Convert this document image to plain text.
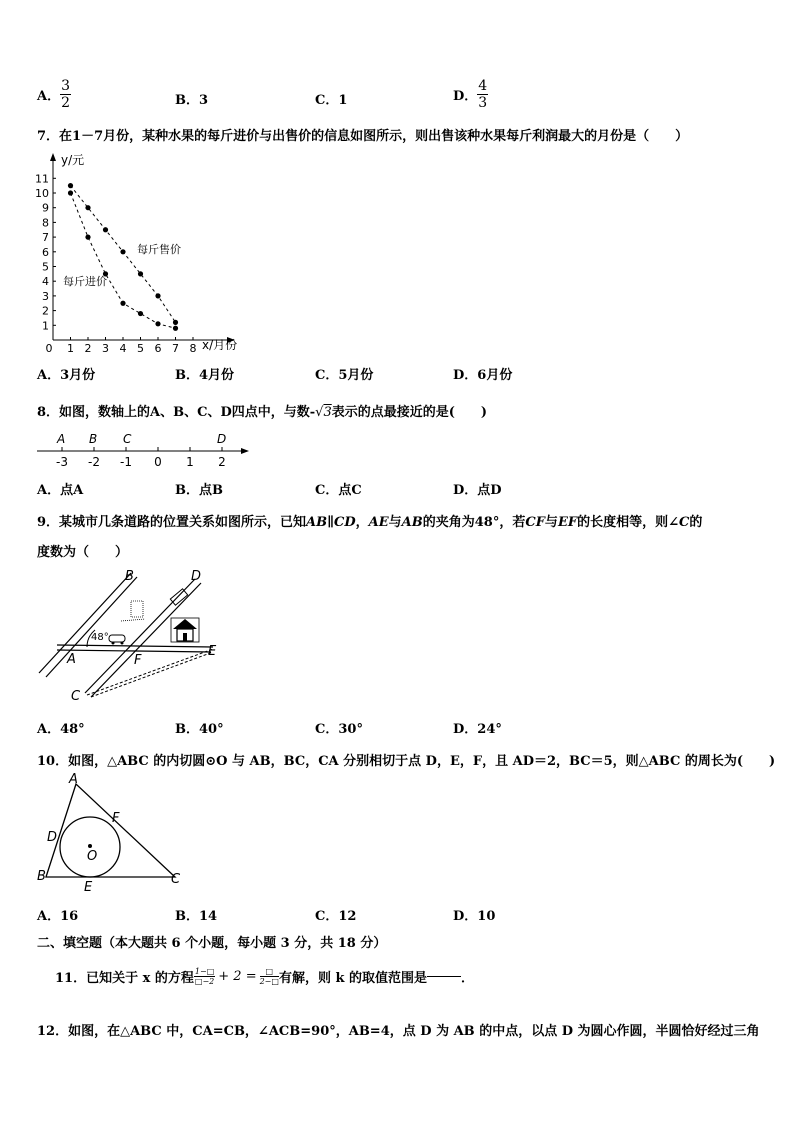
A． $\frac{3}{2}$	B．3	C．1	D． $\frac{4}{3}$
7．在1－7月份，某种水果的每斤进价与出售价的信息如图所示，则出售该种水果每斤利润最大的月份是（　　）
y/元
x/月份
1
2
3
4
5
6
7
8
9
10
11
0 1 2 3 4 5 6 7 8
每斤售价
每斤进价
A．3月份	B．4月份	C．5月份	D．6月份
8．如图，数轴上的A、B、C、D四点中，与数-√3表示的点最接近的是(　　)
-3 -2 -1 0 1 2
A B C	D
A．点A	B．点B	C．点C	D．点D
9．某城市几条道路的位置关系如图所示，已知AB∥CD，AE与AB的夹角为48°，若CF与EF的长度相等，则∠C的
度数为（　　）
B	D
A
E
F
C
48°
A．48°	B．40°	C．30°	D．24°
10．如图，△ABC 的内切圆⊙O 与 AB，BC，CA 分别相切于点 D，E，F，且 AD＝2，BC＝5，则△ABC 的周长为(　　)
A
B	C
D
E
F
O
A．16	B．14	C．12	D．10
二、填空题（本大题共 6 个小题，每小题 3 分，共 18 分）
11．已知关于 x 的方程 $\frac{1-□}{□-2} + 2 = \frac{□}{2-□}$ 有解，则 k 的取值范围是	．
12．如图，在△ABC 中，CA=CB，∠ACB=90°，AB=4，点 D 为 AB 的中点，以点 D 为圆心作圆，半圆恰好经过三角
